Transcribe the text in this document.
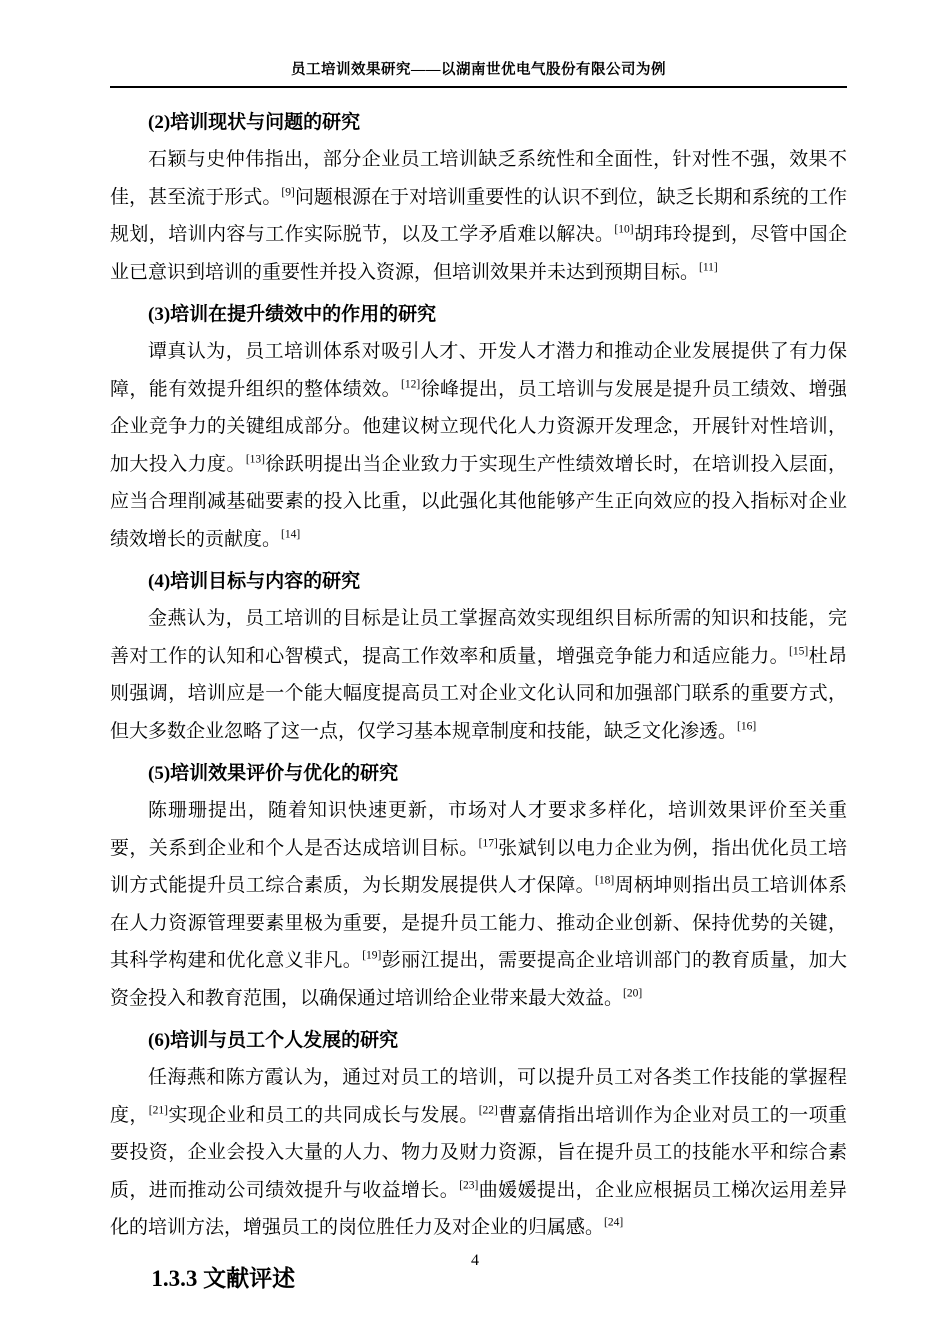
员工培训效果研究——以湖南世优电气股份有限公司为例
(2)培训现状与问题的研究

石颖与史仲伟指出，部分企业员工培训缺乏系统性和全面性，针对性不强，效果不佳，甚至流于形式。[9]问题根源在于对培训重要性的认识不到位，缺乏长期和系统的工作规划，培训内容与工作实际脱节，以及工学矛盾难以解决。[10]胡玮玲提到，尽管中国企业已意识到培训的重要性并投入资源，但培训效果并未达到预期目标。[11]

(3)培训在提升绩效中的作用的研究

谭真认为，员工培训体系对吸引人才、开发人才潜力和推动企业发展提供了有力保障，能有效提升组织的整体绩效。[12]徐峰提出，员工培训与发展是提升员工绩效、增强企业竞争力的关键组成部分。他建议树立现代化人力资源开发理念，开展针对性培训，加大投入力度。[13]徐跃明提出当企业致力于实现生产性绩效增长时，在培训投入层面，应当合理削减基础要素的投入比重，以此强化其他能够产生正向效应的投入指标对企业绩效增长的贡献度。[14]

(4)培训目标与内容的研究

金燕认为，员工培训的目标是让员工掌握高效实现组织目标所需的知识和技能，完善对工作的认知和心智模式，提高工作效率和质量，增强竞争能力和适应能力。[15]杜昂则强调，培训应是一个能大幅度提高员工对企业文化认同和加强部门联系的重要方式，但大多数企业忽略了这一点，仅学习基本规章制度和技能，缺乏文化渗透。[16]

(5)培训效果评价与优化的研究

陈珊珊提出，随着知识快速更新，市场对人才要求多样化，培训效果评价至关重要，关系到企业和个人是否达成培训目标。[17]张斌钊以电力企业为例，指出优化员工培训方式能提升员工综合素质，为长期发展提供人才保障。[18]周柄坤则指出员工培训体系在人力资源管理要素里极为重要，是提升员工能力、推动企业创新、保持优势的关键，其科学构建和优化意义非凡。[19]彭丽江提出，需要提高企业培训部门的教育质量，加大资金投入和教育范围，以确保通过培训给企业带来最大效益。[20]

(6)培训与员工个人发展的研究

任海燕和陈方霞认为，通过对员工的培训，可以提升员工对各类工作技能的掌握程度，[21]实现企业和员工的共同成长与发展。[22]曹嘉倩指出培训作为企业对员工的一项重要投资，企业会投入大量的人力、物力及财力资源，旨在提升员工的技能水平和综合素质，进而推动公司绩效提升与收益增长。[23]曲媛媛提出，企业应根据员工梯次运用差异化的培训方法，增强员工的岗位胜任力及对企业的归属感。[24]

1.3.3 文献评述
4
